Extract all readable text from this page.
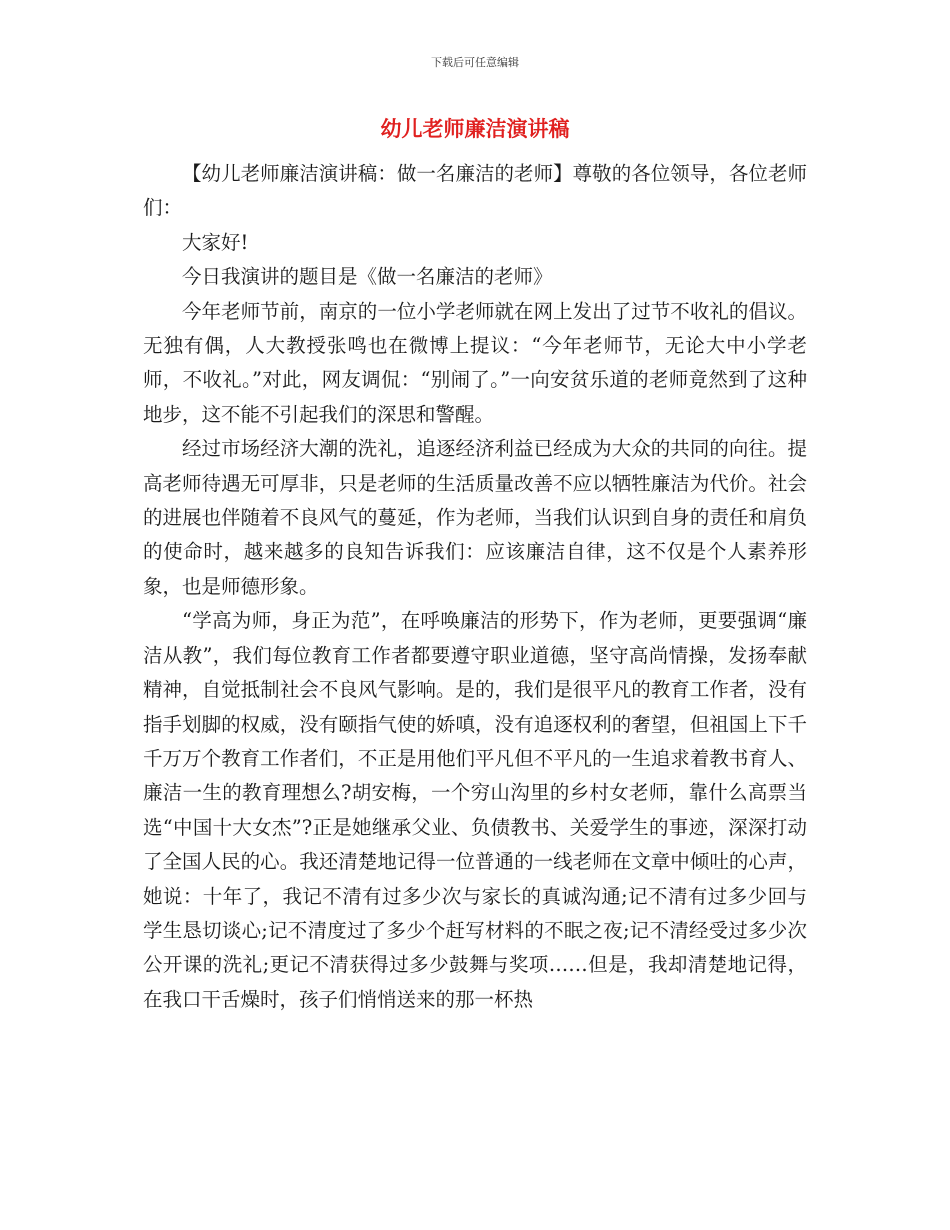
下载后可任意编辑
幼儿老师廉洁演讲稿

【幼儿老师廉洁演讲稿：做一名廉洁的老师】尊敬的各位领导，各位老师们：

大家好!

今日我演讲的题目是《做一名廉洁的老师》

今年老师节前，南京的一位小学老师就在网上发出了过节不收礼的倡议。无独有偶，人大教授张鸣也在微博上提议：“今年老师节，无论大中小学老师，不收礼。”对此，网友调侃：“别闹了。”一向安贫乐道的老师竟然到了这种地步，这不能不引起我们的深思和警醒。

经过市场经济大潮的洗礼，追逐经济利益已经成为大众的共同的向往。提高老师待遇无可厚非，只是老师的生活质量改善不应以牺牲廉洁为代价。社会的进展也伴随着不良风气的蔓延，作为老师，当我们认识到自身的责任和肩负的使命时，越来越多的良知告诉我们：应该廉洁自律，这不仅是个人素养形象，也是师德形象。

“学高为师，身正为范”，在呼唤廉洁的形势下，作为老师，更要强调“廉洁从教”，我们每位教育工作者都要遵守职业道德，坚守高尚情操，发扬奉献精神，自觉抵制社会不良风气影响。是的，我们是很平凡的教育工作者，没有指手划脚的权威，没有颐指气使的娇嗔，没有追逐权利的奢望，但祖国上下千千万万个教育工作者们，不正是用他们平凡但不平凡的一生追求着教书育人、廉洁一生的教育理想么?胡安梅，一个穷山沟里的乡村女老师，靠什么高票当选“中国十大女杰”?正是她继承父业、负债教书、关爱学生的事迹，深深打动了全国人民的心。我还清楚地记得一位普通的一线老师在文章中倾吐的心声，她说：十年了，我记不清有过多少次与家长的真诚沟通;记不清有过多少回与学生恳切谈心;记不清度过了多少个赶写材料的不眠之夜;记不清经受过多少次公开课的洗礼;更记不清获得过多少鼓舞与奖项……但是，我却清楚地记得，在我口干舌燥时，孩子们悄悄送来的那一杯热
